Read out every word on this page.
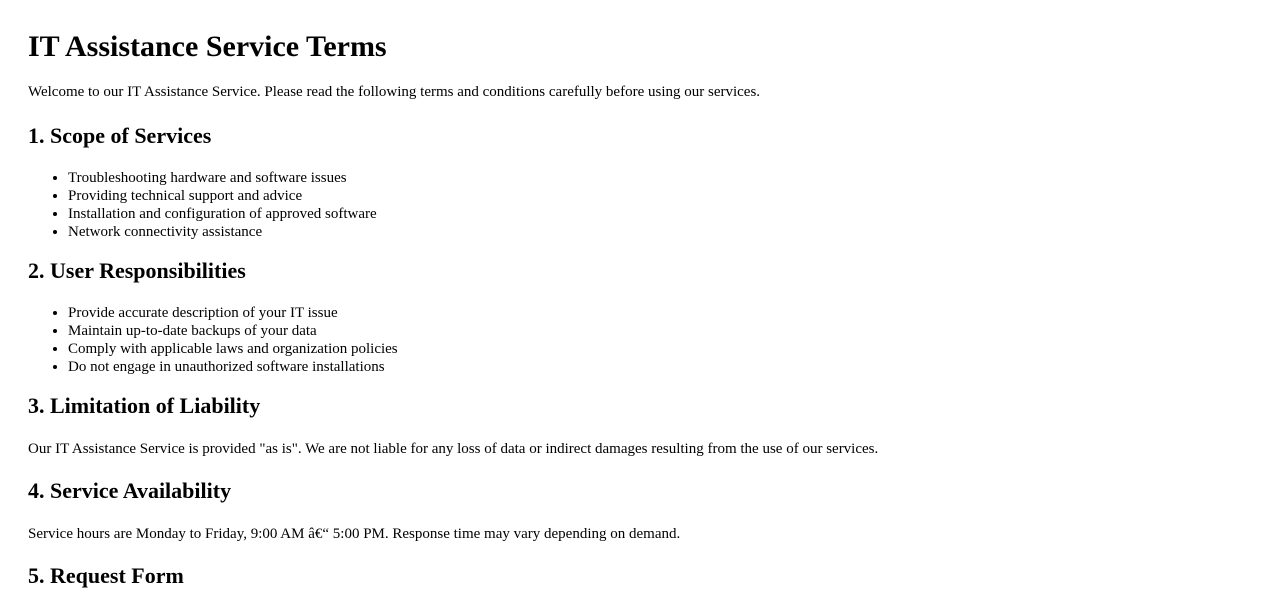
IT Assistance Service Terms

Welcome to our IT Assistance Service. Please read the following terms and conditions carefully before using our services.

1. Scope of Services
• Troubleshooting hardware and software issues
• Providing technical support and advice
• Installation and configuration of approved software
• Network connectivity assistance
2. User Responsibilities
• Provide accurate description of your IT issue
• Maintain up-to-date backups of your data
• Comply with applicable laws and organization policies
• Do not engage in unauthorized software installations
3. Limitation of Liability

Our IT Assistance Service is provided "as is". We are not liable for any loss of data or indirect damages resulting from the use of our services.

4. Service Availability

Service hours are Monday to Friday, 9:00 AM â€“ 5:00 PM. Response time may vary depending on demand.

5. Request Form
